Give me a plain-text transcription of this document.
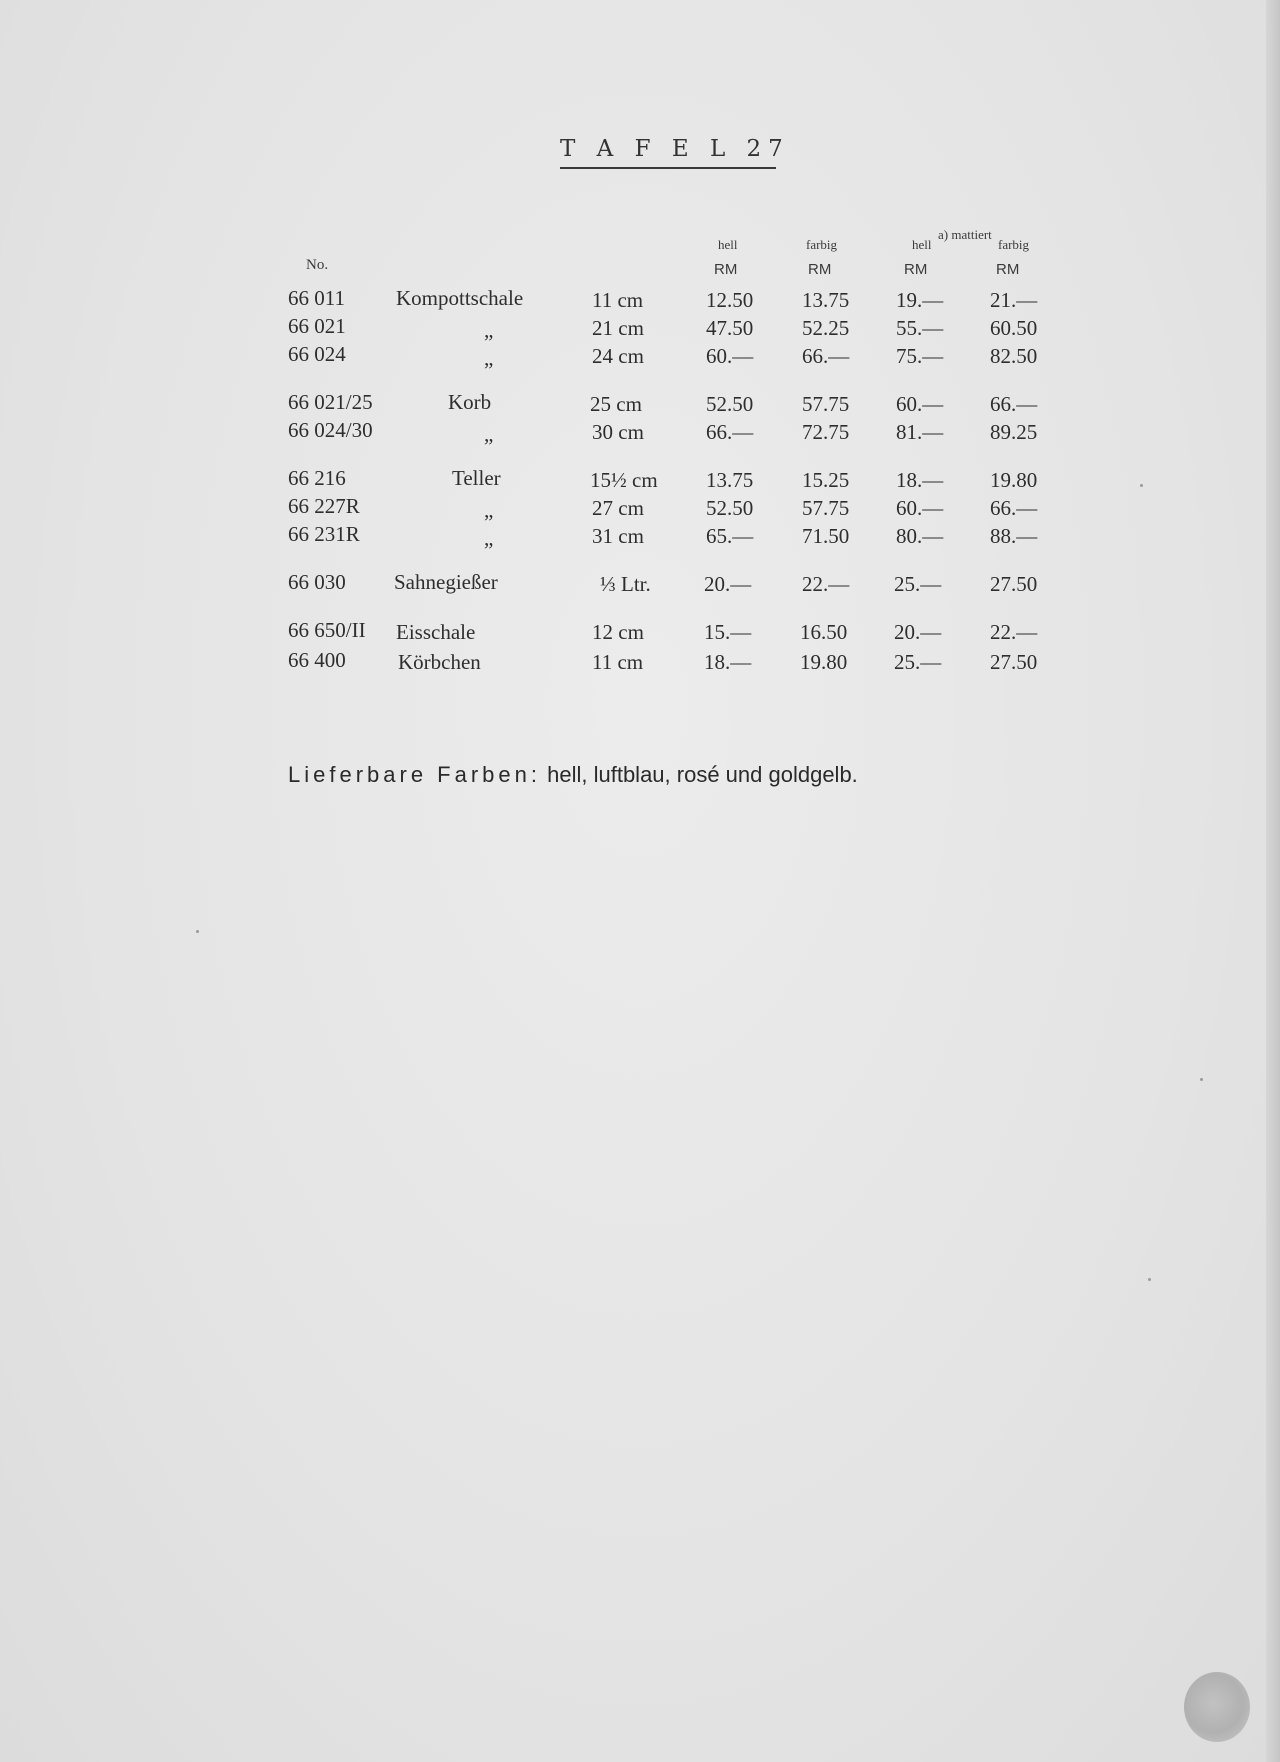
T A F E L 27
a) mattiert
hell	farbig	hell	farbig
No.	RM	RM	RM	RM
66 011 Kompottschale	11 cm	12.50 13.75 19.— 21.—
66 021	„	21 cm	47.50 52.25 55.— 60.50
66 024	„	24 cm	60.— 66.— 75.— 82.50
66 021/25	Korb	25 cm	52.50 57.75 60.— 66.—
66 024/30	„	30 cm	66.— 72.75 81.— 89.25
66 216	Teller	15½ cm 13.75 15.25 18.— 19.80
66 227R	„	27 cm	52.50 57.75 60.— 66.—
66 231R	„	31 cm	65.— 71.50 80.— 88.—
66 030 Sahnegießer	⅓ Ltr.	20.— 22.— 25.— 27.50
66 650/II Eisschale	12 cm	15.— 16.50 20.— 22.—
66 400 Körbchen	11 cm	18.— 19.80 25.— 27.50
Lieferbare Farben: hell, luftblau, rosé und goldgelb.
